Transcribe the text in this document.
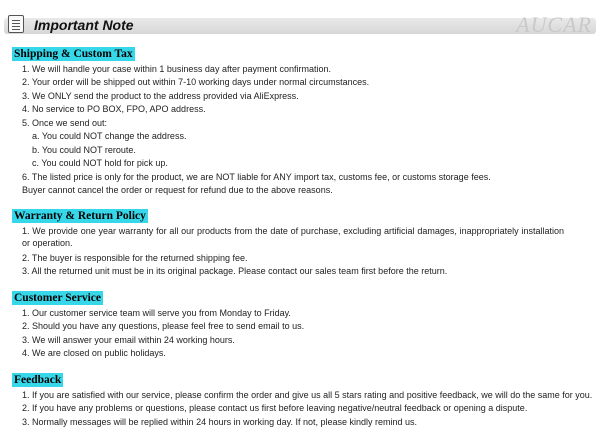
Important Note	AUCAR
Shipping & Custom Tax
1. We will handle your case within 1 business day after payment confirmation.
2. Your order will be shipped out within 7-10 working days under normal circumstances.
3. We ONLY send the product to the address provided via AliExpress.
4. No service to PO BOX, FPO, APO address.
5. Once we send out:
a. You could NOT change the address.
b. You could NOT reroute.
c. You could NOT hold for pick up.
6. The listed price is only for the product, we are NOT liable for ANY import tax, customs fee, or customs storage fees.
Buyer cannot cancel the order or request for refund due to the above reasons.
Warranty & Return Policy
1. We provide one year warranty for all our products from the date of purchase, excluding artificial damages, inappropriately installation or operation.
2. The buyer is responsible for the returned shipping fee.
3. All the returned unit must be in its original package. Please contact our sales team first before the return.
Customer Service
1. Our customer service team will serve you from Monday to Friday.
2. Should you have any questions, please feel free to send email to us.
3. We will answer your email within 24 working hours.
4. We are closed on public holidays.
Feedback
1. If you are satisfied with our service, please confirm the order and give us all 5 stars rating and positive feedback, we will do the same for you.
2. If you have any problems or questions, please contact us first before leaving negative/neutral feedback or opening a dispute.
3. Normally messages will be replied within 24 hours in working day. If not, please kindly remind us.
